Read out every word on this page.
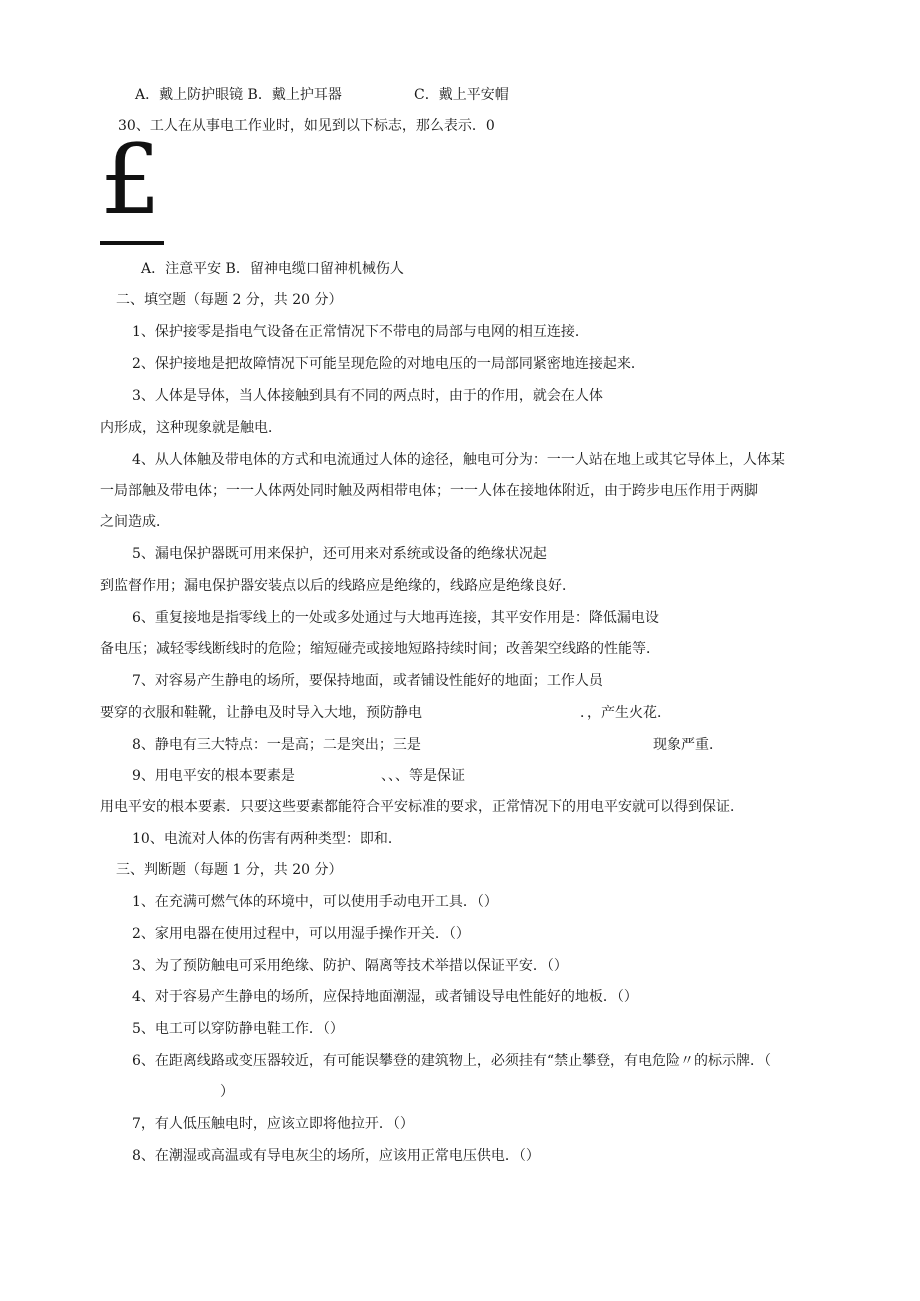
A．戴上防护眼镜 B．戴上护耳器	C．戴上平安帽
30、工人在从事电工作业时，如见到以下标志，那么表示．0
£
A．注意平安 B．留神电缆口留神机械伤人
二、填空题（每题 2 分，共 20 分）
1、保护接零是指电气设备在正常情况下不带电的局部与电网的相互连接．
2、保护接地是把故障情况下可能呈现危险的对地电压的一局部同紧密地连接起来．
3、人体是导体，当人体接触到具有不同的两点时，由于的作用，就会在人体
内形成，这种现象就是触电．
4、从人体触及带电体的方式和电流通过人体的途径，触电可分为：一一人站在地上或其它导体上，人体某
一局部触及带电体；一一人体两处同时触及两相带电体；一一人体在接地体附近，由于跨步电压作用于两脚
之间造成．
5、漏电保护器既可用来保护，还可用来对系统或设备的绝缘状况起
到监督作用；漏电保护器安装点以后的线路应是绝缘的，线路应是绝缘良好．
6、重复接地是指零线上的一处或多处通过与大地再连接，其平安作用是：降低漏电设
备电压；减轻零线断线时的危险；缩短碰壳或接地短路持续时间；改善架空线路的性能等．
7、对容易产生静电的场所，要保持地面，或者铺设性能好的地面；工作人员
要穿的衣服和鞋靴，让静电及时导入大地，预防静电	．，产生火花．
8、静电有三大特点：一是高；二是突出；三是	现象严重．
9、用电平安的根本要素是	、、、等是保证
用电平安的根本要素．只要这些要素都能符合平安标准的要求，正常情况下的用电平安就可以得到保证．
10、电流对人体的伤害有两种类型：即和．
三、判断题（每题 1 分，共 20 分）
1、在充满可燃气体的环境中，可以使用手动电开工具．（）
2、家用电器在使用过程中，可以用湿手操作开关．（）
3、为了预防触电可采用绝缘、防护、隔离等技术举措以保证平安．（）
4、对于容易产生静电的场所，应保持地面潮湿，或者铺设导电性能好的地板．（）
5、电工可以穿防静电鞋工作．（）
6、在距离线路或变压器较近，有可能误攀登的建筑物上，必须挂有“禁止攀登，有电危险〃的标示牌．（
）
7，有人低压触电时，应该立即将他拉开．（）
8、在潮湿或高温或有导电灰尘的场所，应该用正常电压供电．（）
